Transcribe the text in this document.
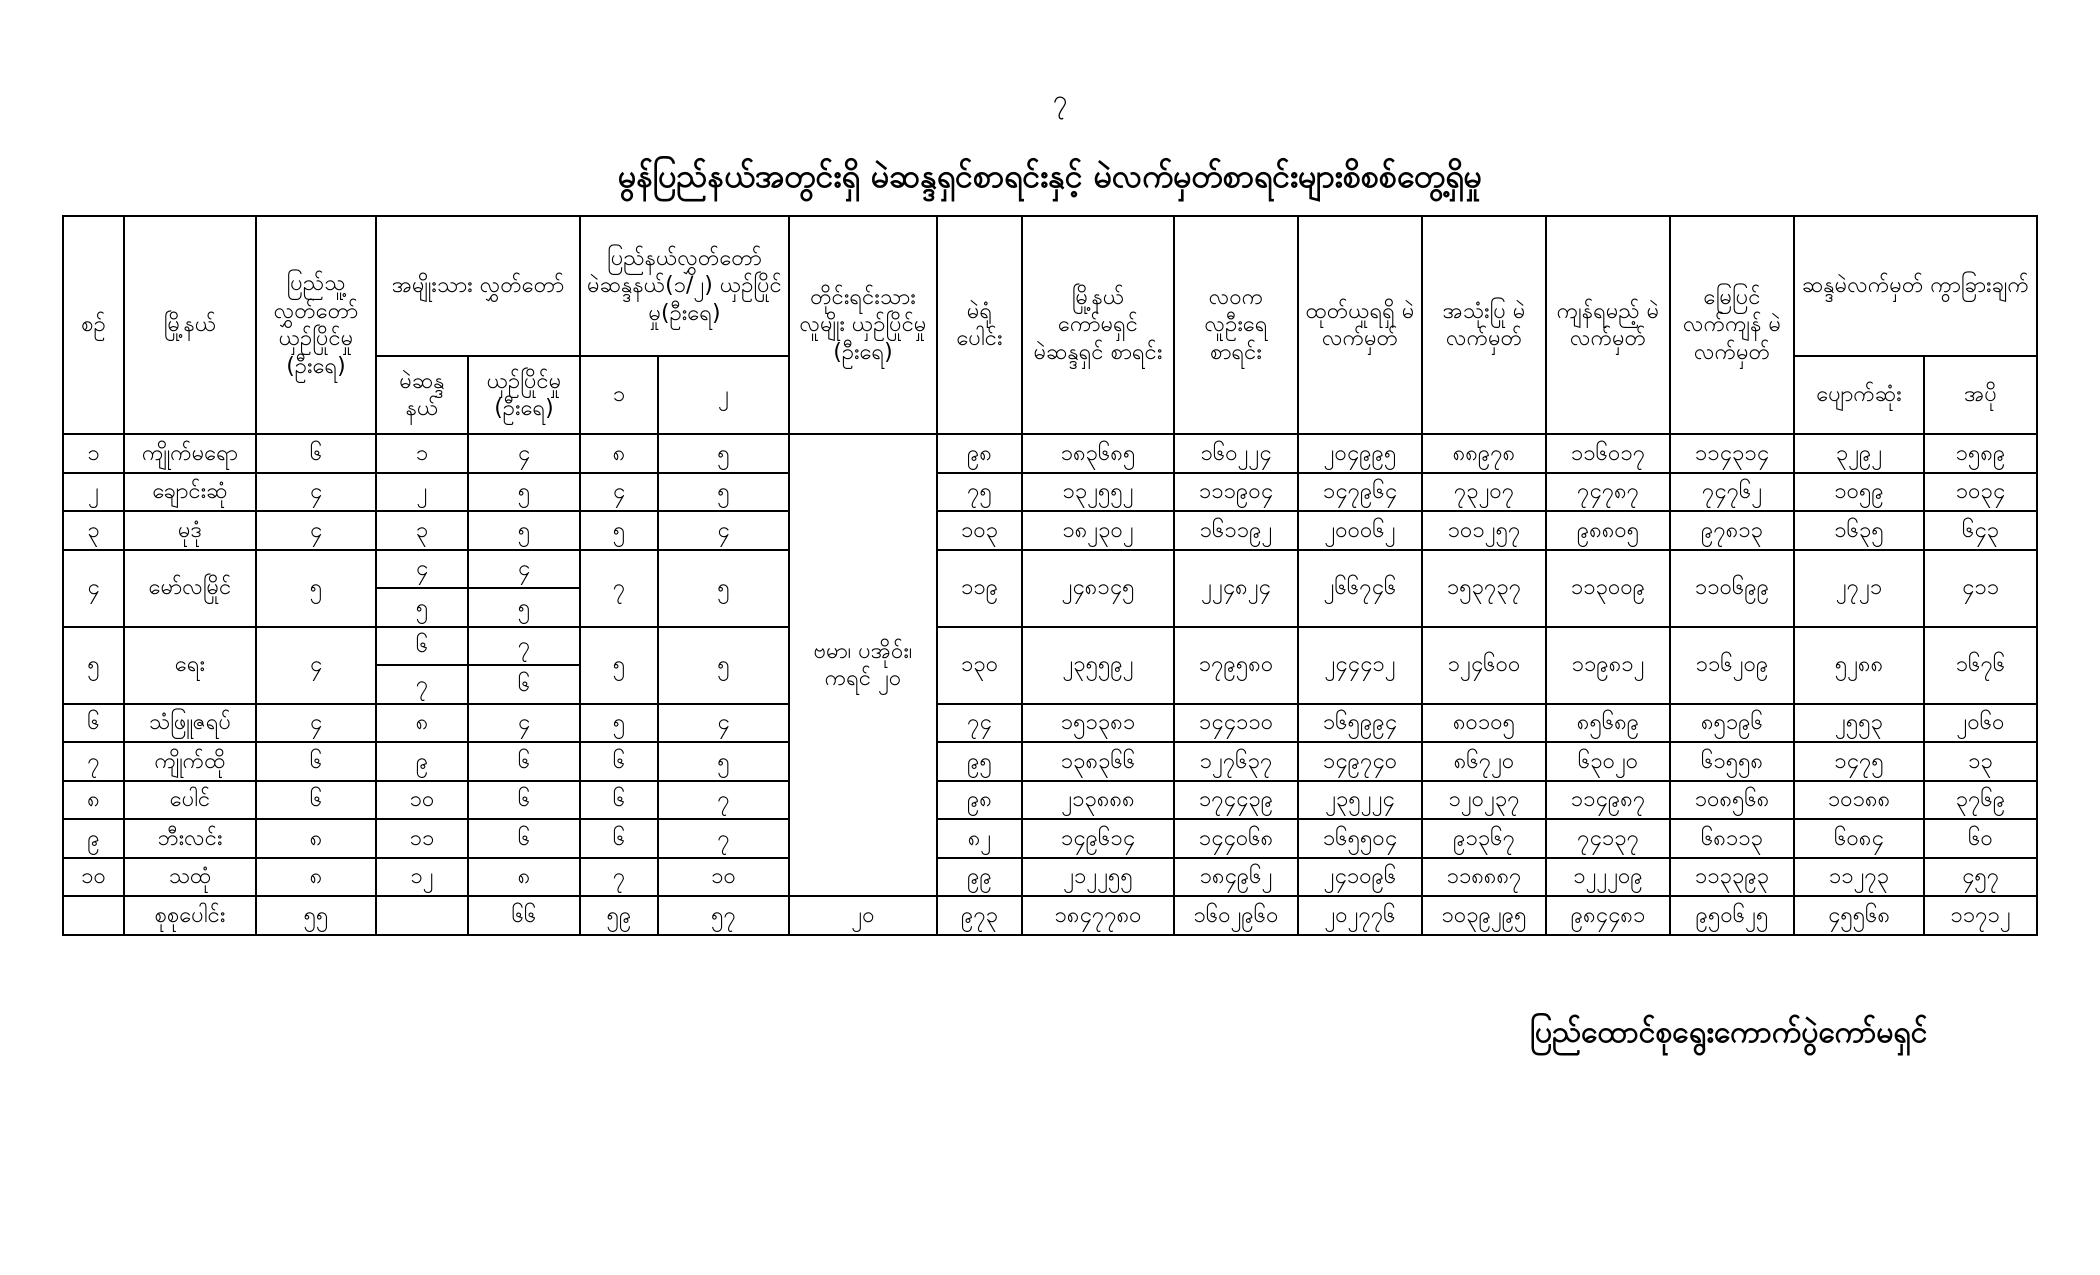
၇
မွန်ပြည်နယ်အတွင်းရှိ မဲဆန္ဒရှင်စာရင်းနှင့် မဲလက်မှတ်စာရင်းများစိစစ်တွေ့ရှိမှု
စဉ်	မြို့နယ်	ပြည်သူ့ လွှတ်တော် ယှဉ်ပြိုင်မှု (ဦးရေ)	အမျိုးသား လွှတ်တော်		ပြည်နယ်လွှတ်တော် မဲဆန္ဒနယ်(၁/၂) ယှဉ်ပြိုင်မှု(ဦးရေ)		တိုင်းရင်းသား လူမျိုး ယှဉ်ပြိုင်မှု (ဦးရေ)	မဲရုံ ပေါင်း	မြို့နယ် ကော်မရှင် မဲဆန္ဒရှင် စာရင်း	လဝက လူဦးရေ စာရင်း	ထုတ်ယူရရှိ မဲလက်မှတ်	အသုံးပြု မဲလက်မှတ်	ကျန်ရမည့် မဲလက်မှတ်	မြေပြင် လက်ကျန် မဲလက်မှတ်	ဆန္ဒမဲလက်မှတ် ကွာခြားချက်	
			မဲဆန္ဒ နယ်	ယှဉ်ပြိုင်မှု (ဦးရေ)	၁	၂									ပျောက်ဆုံး	အပို
၁	ကျိုက်မရော	၆	၁	၄	၈	၅	ဗမာ၊ ပအိုဝ်း၊ ကရင် ၂၀	၉၈	၁၈၃၆၈၅	၁၆၀၂၂၄	၂၀၄၉၉၅	၈၈၉၇၈	၁၁၆၀၁၇	၁၁၄၃၁၄	၃၂၉၂	၁၅၈၉
၂	ချောင်းဆုံ	၄	၂	၅	၄	၅		၇၅	၁၃၂၅၅၂	၁၁၁၉၀၄	၁၄၇၉၆၄	၇၃၂၀၇	၇၄၇၈၇	၇၄၇၆၂	၁၀၅၉	၁၀၃၄
၃	မုဒုံ	၄	၃	၅	၅	၄		၁၀၃	၁၈၂၃၀၂	၁၆၁၁၉၂	၂၀၀၀၆၂	၁၀၁၂၅၇	၉၈၈၀၅	၉၇၈၁၃	၁၆၃၅	၆၄၃
၄	မော်လမြိုင်	၅	၄	၄	၇	၅		၁၁၉	၂၄၈၁၄၅	၂၂၄၈၂၄	၂၆၆၇၄၆	၁၅၃၇၃၇	၁၁၃၀၀၉	၁၁၀၆၉၉	၂၇၂၁	၄၁၁
			၅	၅												
၅	ရေး	၄	၆	၇	၅	၅		၁၃၀	၂၃၅၅၉၂	၁၇၉၅၈၀	၂၄၄၄၁၂	၁၂၄၆၀၀	၁၁၉၈၁၂	၁၁၆၂၀၉	၅၂၈၈	၁၆၇၆
			၇	၆												
၆	သံဖြူဇရပ်	၄	၈	၄	၅	၄		၇၄	၁၅၁၃၈၁	၁၄၄၁၁၀	၁၆၅၉၉၄	၈၀၁၀၅	၈၅၆၈၉	၈၅၁၉၆	၂၅၅၃	၂၀၆၀
၇	ကျိုက်ထို	၆	၉	၆	၆	၅		၉၅	၁၃၈၃၆၆	၁၂၇၆၃၇	၁၄၉၇၄၀	၈၆၇၂၀	၆၃၀၂၀	၆၁၅၅၈	၁၄၇၅	၁၃
၈	ပေါင်	၆	၁၀	၆	၆	၇		၉၈	၂၁၃၈၈၈	၁၇၄၄၃၉	၂၃၅၂၂၄	၁၂၀၂၃၇	၁၁၄၉၈၇	၁၀၈၅၆၈	၁၀၁၈၈	၃၇၆၉
၉	ဘီးလင်း	၈	၁၁	၆	၆	၇		၈၂	၁၄၉၆၁၄	၁၄၄၀၆၈	၁၆၅၅၀၄	၉၁၃၆၇	၇၄၁၃၇	၆၈၁၁၃	၆၀၈၄	၆၀
၁၀	သထုံ	၈	၁၂	၈	၇	၁၀		၉၉	၂၁၂၂၅၅	၁၈၄၉၆၂	၂၄၁၀၉၆	၁၁၈၈၈၇	၁၂၂၂၀၉	၁၁၃၃၉၃	၁၁၂၇၃	၄၅၇
	စုစုပေါင်း	၅၅		၆၆	၅၉	၅၇	၂၀	၉၇၃	၁၈၄၇၇၈၀	၁၆၀၂၉၆၀	၂၀၂၇၇၆	၁၀၃၉၂၉၅	၉၈၄၄၈၁	၉၅၀၆၂၅	၄၅၅၆၈	၁၁၇၁၂
ပြည်ထောင်စုရွေးကောက်ပွဲကော်မရှင်
